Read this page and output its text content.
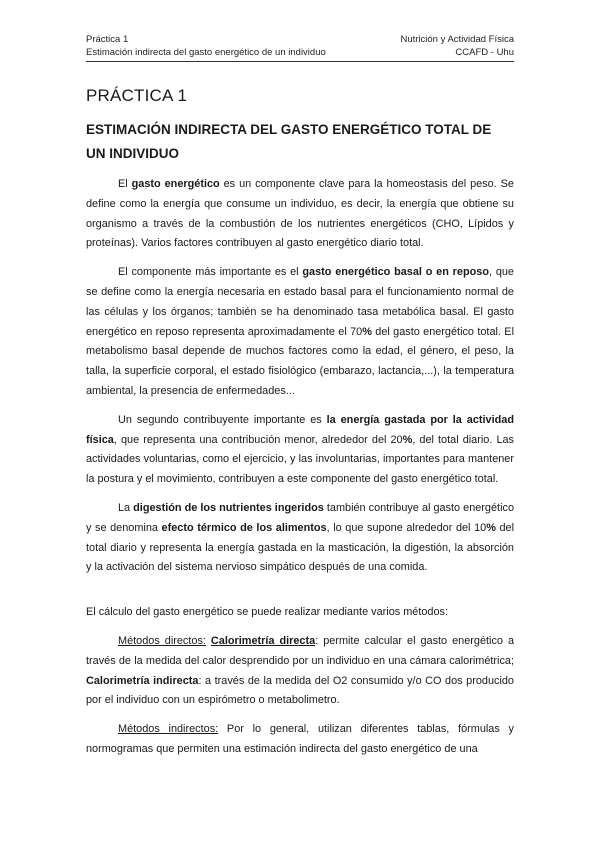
Práctica 1
Estimación indirecta del gasto energético de un individuo
Nutrición y Actividad Física
CCAFD - Uhu
PRÁCTICA 1
ESTIMACIÓN INDIRECTA DEL GASTO ENERGÉTICO TOTAL DE UN INDIVIDUO

El gasto energético es un componente clave para la homeostasis del peso. Se define como la energía que consume un individuo, es decir, la energía que obtiene su organismo a través de la combustión de los nutrientes energéticos (CHO, Lípidos y proteínas). Varios factores contribuyen al gasto energético diario total.

El componente más importante es el gasto energético basal o en reposo, que se define como la energía necesaria en estado basal para el funcionamiento normal de las células y los órganos; también se ha denominado tasa metabólica basal. El gasto energético en reposo representa aproximadamente el 70% del gasto energético total. El metabolismo basal depende de muchos factores como la edad, el género, el peso, la talla, la superficie corporal, el estado fisiológico (embarazo, lactancia,...), la temperatura ambiental, la presencia de enfermedades...

Un segundo contribuyente importante es la energía gastada por la actividad física, que representa una contribución menor, alrededor del 20%, del total diario. Las actividades voluntarias, como el ejercicio, y las involuntarias, importantes para mantener la postura y el movimiento, contribuyen a este componente del gasto energético total.

La digestión de los nutrientes ingeridos también contribuye al gasto energético y se denomina efecto térmico de los alimentos, lo que supone alrededor del 10% del total diario y representa la energía gastada en la masticación, la digestión, la absorción y la activación del sistema nervioso simpático después de una comida.

El cálculo del gasto energético se puede realizar mediante varios métodos:

Métodos directos: Calorimetría directa: permite calcular el gasto energético a través de la medida del calor desprendido por un individuo en una cámara calorimétrica; Calorimetría indirecta: a través de la medida del O2 consumido y/o CO dos producido por el individuo con un espirómetro o metabolimetro.

Métodos indirectos: Por lo general, utilizan diferentes tablas, fórmulas y normogramas que permiten una estimación indirecta del gasto energético de una
